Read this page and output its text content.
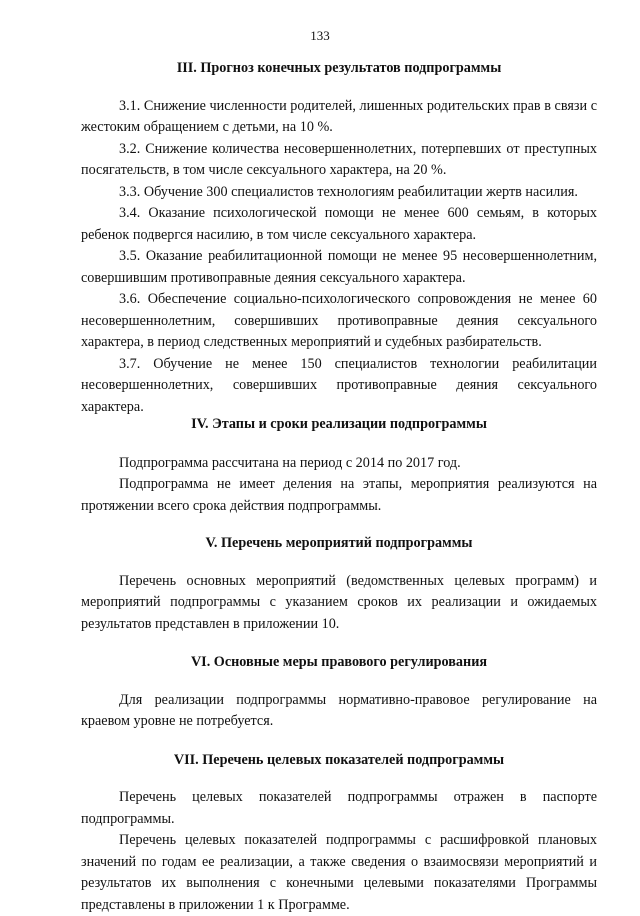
133

III. Прогноз конечных результатов подпрограммы

3.1. Снижение численности родителей, лишенных родительских прав в связи с жестоким обращением с детьми, на 10 %.

3.2. Снижение количества несовершеннолетних, потерпевших от преступных посягательств, в том числе сексуального характера, на 20 %.

3.3. Обучение 300 специалистов технологиям реабилитации жертв насилия.

3.4. Оказание психологической помощи не менее 600 семьям, в которых ребенок подвергся насилию, в том числе сексуального характера.

3.5. Оказание реабилитационной помощи не менее 95 несовершеннолетним, совершившим противоправные деяния сексуального характера.

3.6. Обеспечение социально-психологического сопровождения не менее 60 несовершеннолетним, совершивших противоправные деяния сексуального характера, в период следственных мероприятий и судебных разбирательств.

3.7. Обучение не менее 150 специалистов технологии реабилитации несовершеннолетних, совершивших противоправные деяния сексуального характера.

IV. Этапы и сроки реализации подпрограммы

Подпрограмма рассчитана на период с 2014 по 2017 год.

Подпрограмма не имеет деления на этапы, мероприятия реализуются на протяжении всего срока действия подпрограммы.

V. Перечень мероприятий подпрограммы

Перечень основных мероприятий (ведомственных целевых программ) и мероприятий подпрограммы с указанием сроков их реализации и ожидаемых результатов представлен в приложении 10.

VI. Основные меры правового регулирования

Для реализации подпрограммы нормативно-правовое регулирование на краевом уровне не потребуется.

VII. Перечень целевых показателей подпрограммы

Перечень целевых показателей подпрограммы отражен в паспорте подпрограммы.

Перечень целевых показателей подпрограммы с расшифровкой плановых значений по годам ее реализации, а также сведения о взаимосвязи мероприятий и результатов их выполнения с конечными целевыми показателями Программы представлены в приложении 1 к Программе.
